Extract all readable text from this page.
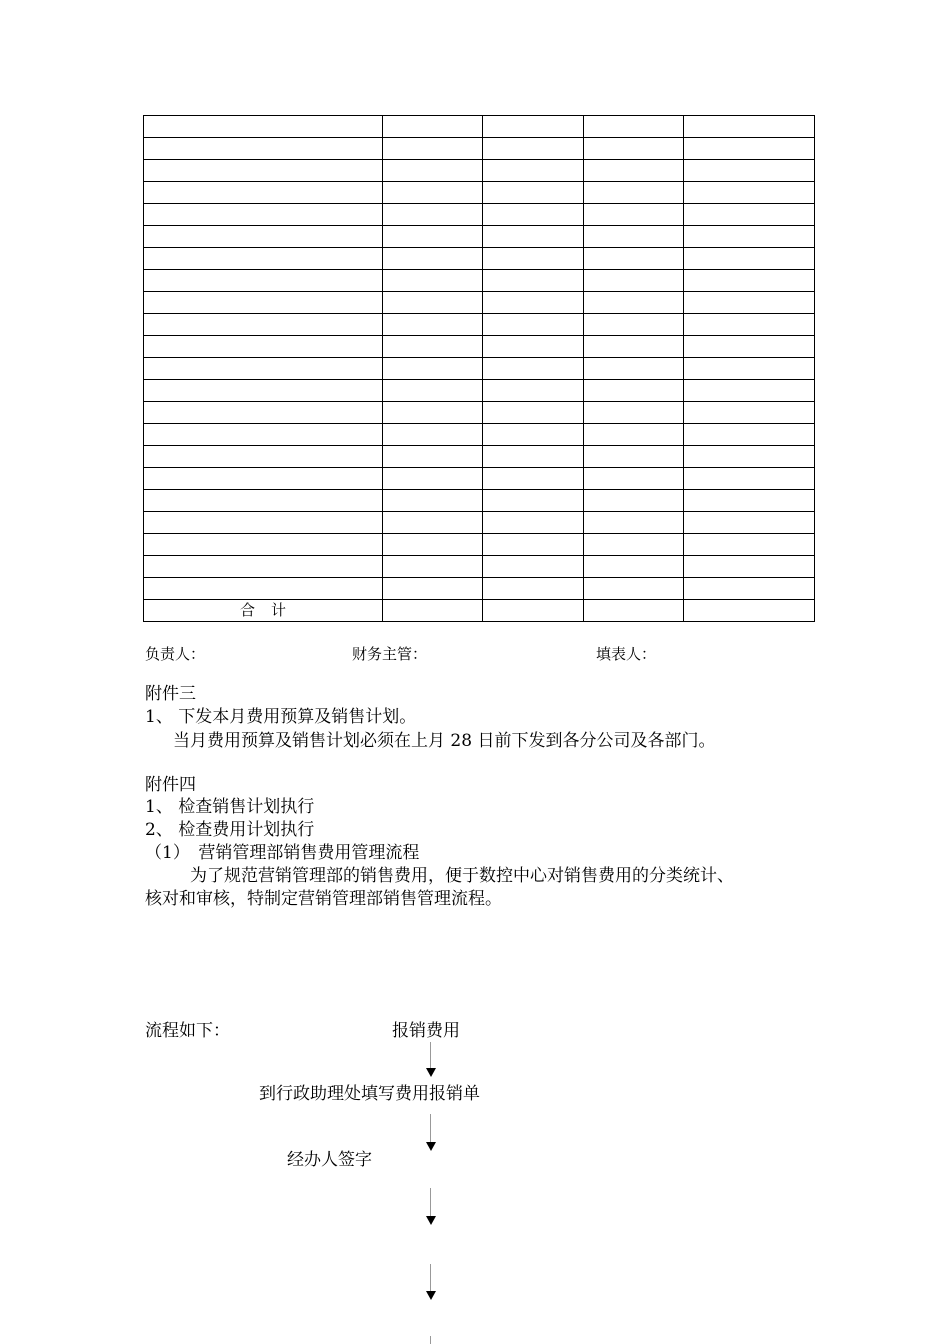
合计				
负责人：	财务主管：	填表人：
附件三
1、 下发本月费用预算及销售计划。
当月费用预算及销售计划必须在上月 28 日前下发到各分公司及各部门。
附件四
1、 检查销售计划执行
2、 检查费用计划执行
（1）　营销管理部销售费用管理流程
为了规范营销管理部的销售费用，便于数控中心对销售费用的分类统计、
核对和审核，特制定营销管理部销售管理流程。
流程如下：	报销费用
到行政助理处填写费用报销单
经办人签字
